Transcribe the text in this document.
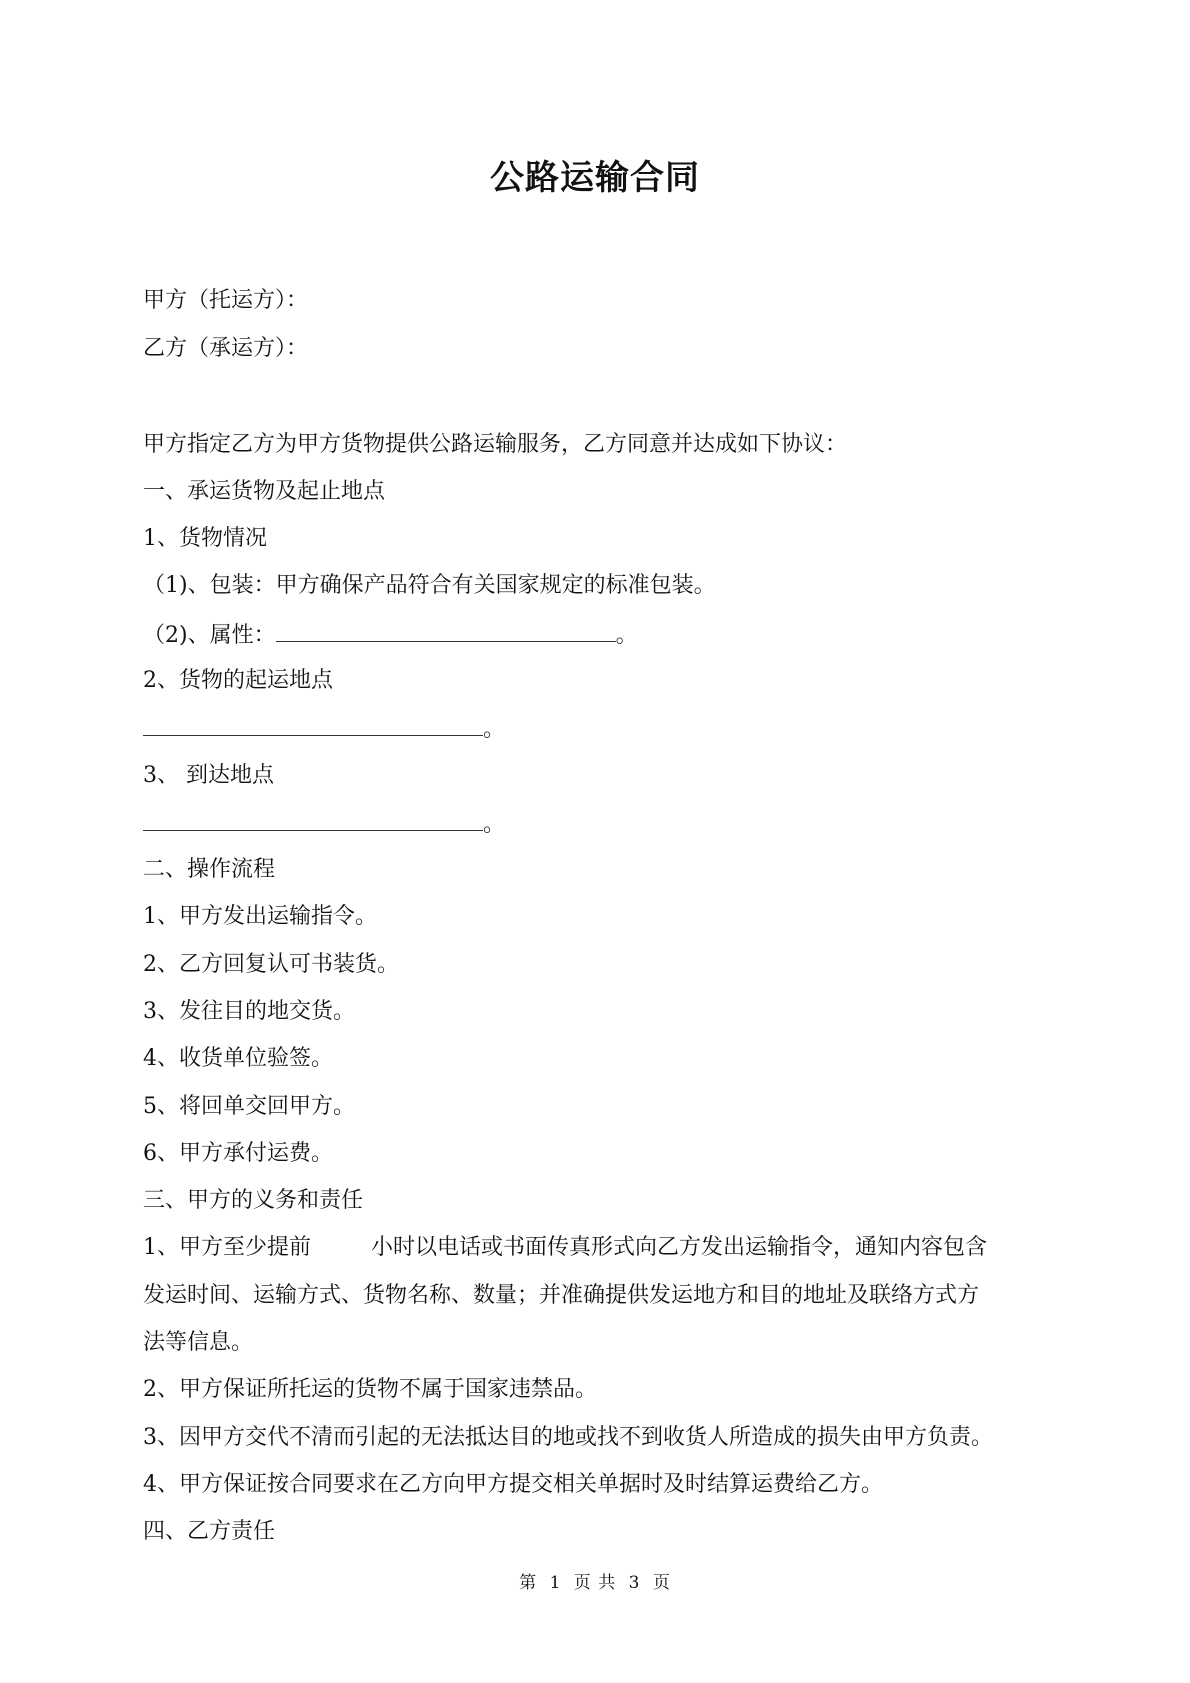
公路运输合同
甲方（托运方）：
乙方（承运方）：
甲方指定乙方为甲方货物提供公路运输服务，乙方同意并达成如下协议：
一、承运货物及起止地点
1、货物情况
（1)、包装：甲方确保产品符合有关国家规定的标准包装。
（2)、属性：	。
2、货物的起运地点
。
3、 到达地点
。
二、操作流程
1、甲方发出运输指令。
2、乙方回复认可书装货。
3、发往目的地交货。
4、收货单位验签。
5、将回单交回甲方。
6、甲方承付运费。
三、甲方的义务和责任
1、甲方至少提前	小时以电话或书面传真形式向乙方发出运输指令，通知内容包含
发运时间、运输方式、货物名称、数量；并准确提供发运地方和目的地址及联络方式方
法等信息。
2、甲方保证所托运的货物不属于国家违禁品。
3、因甲方交代不清而引起的无法抵达目的地或找不到收货人所造成的损失由甲方负责。
4、甲方保证按合同要求在乙方向甲方提交相关单据时及时结算运费给乙方。
四、乙方责任
第 1 页 共 3 页
